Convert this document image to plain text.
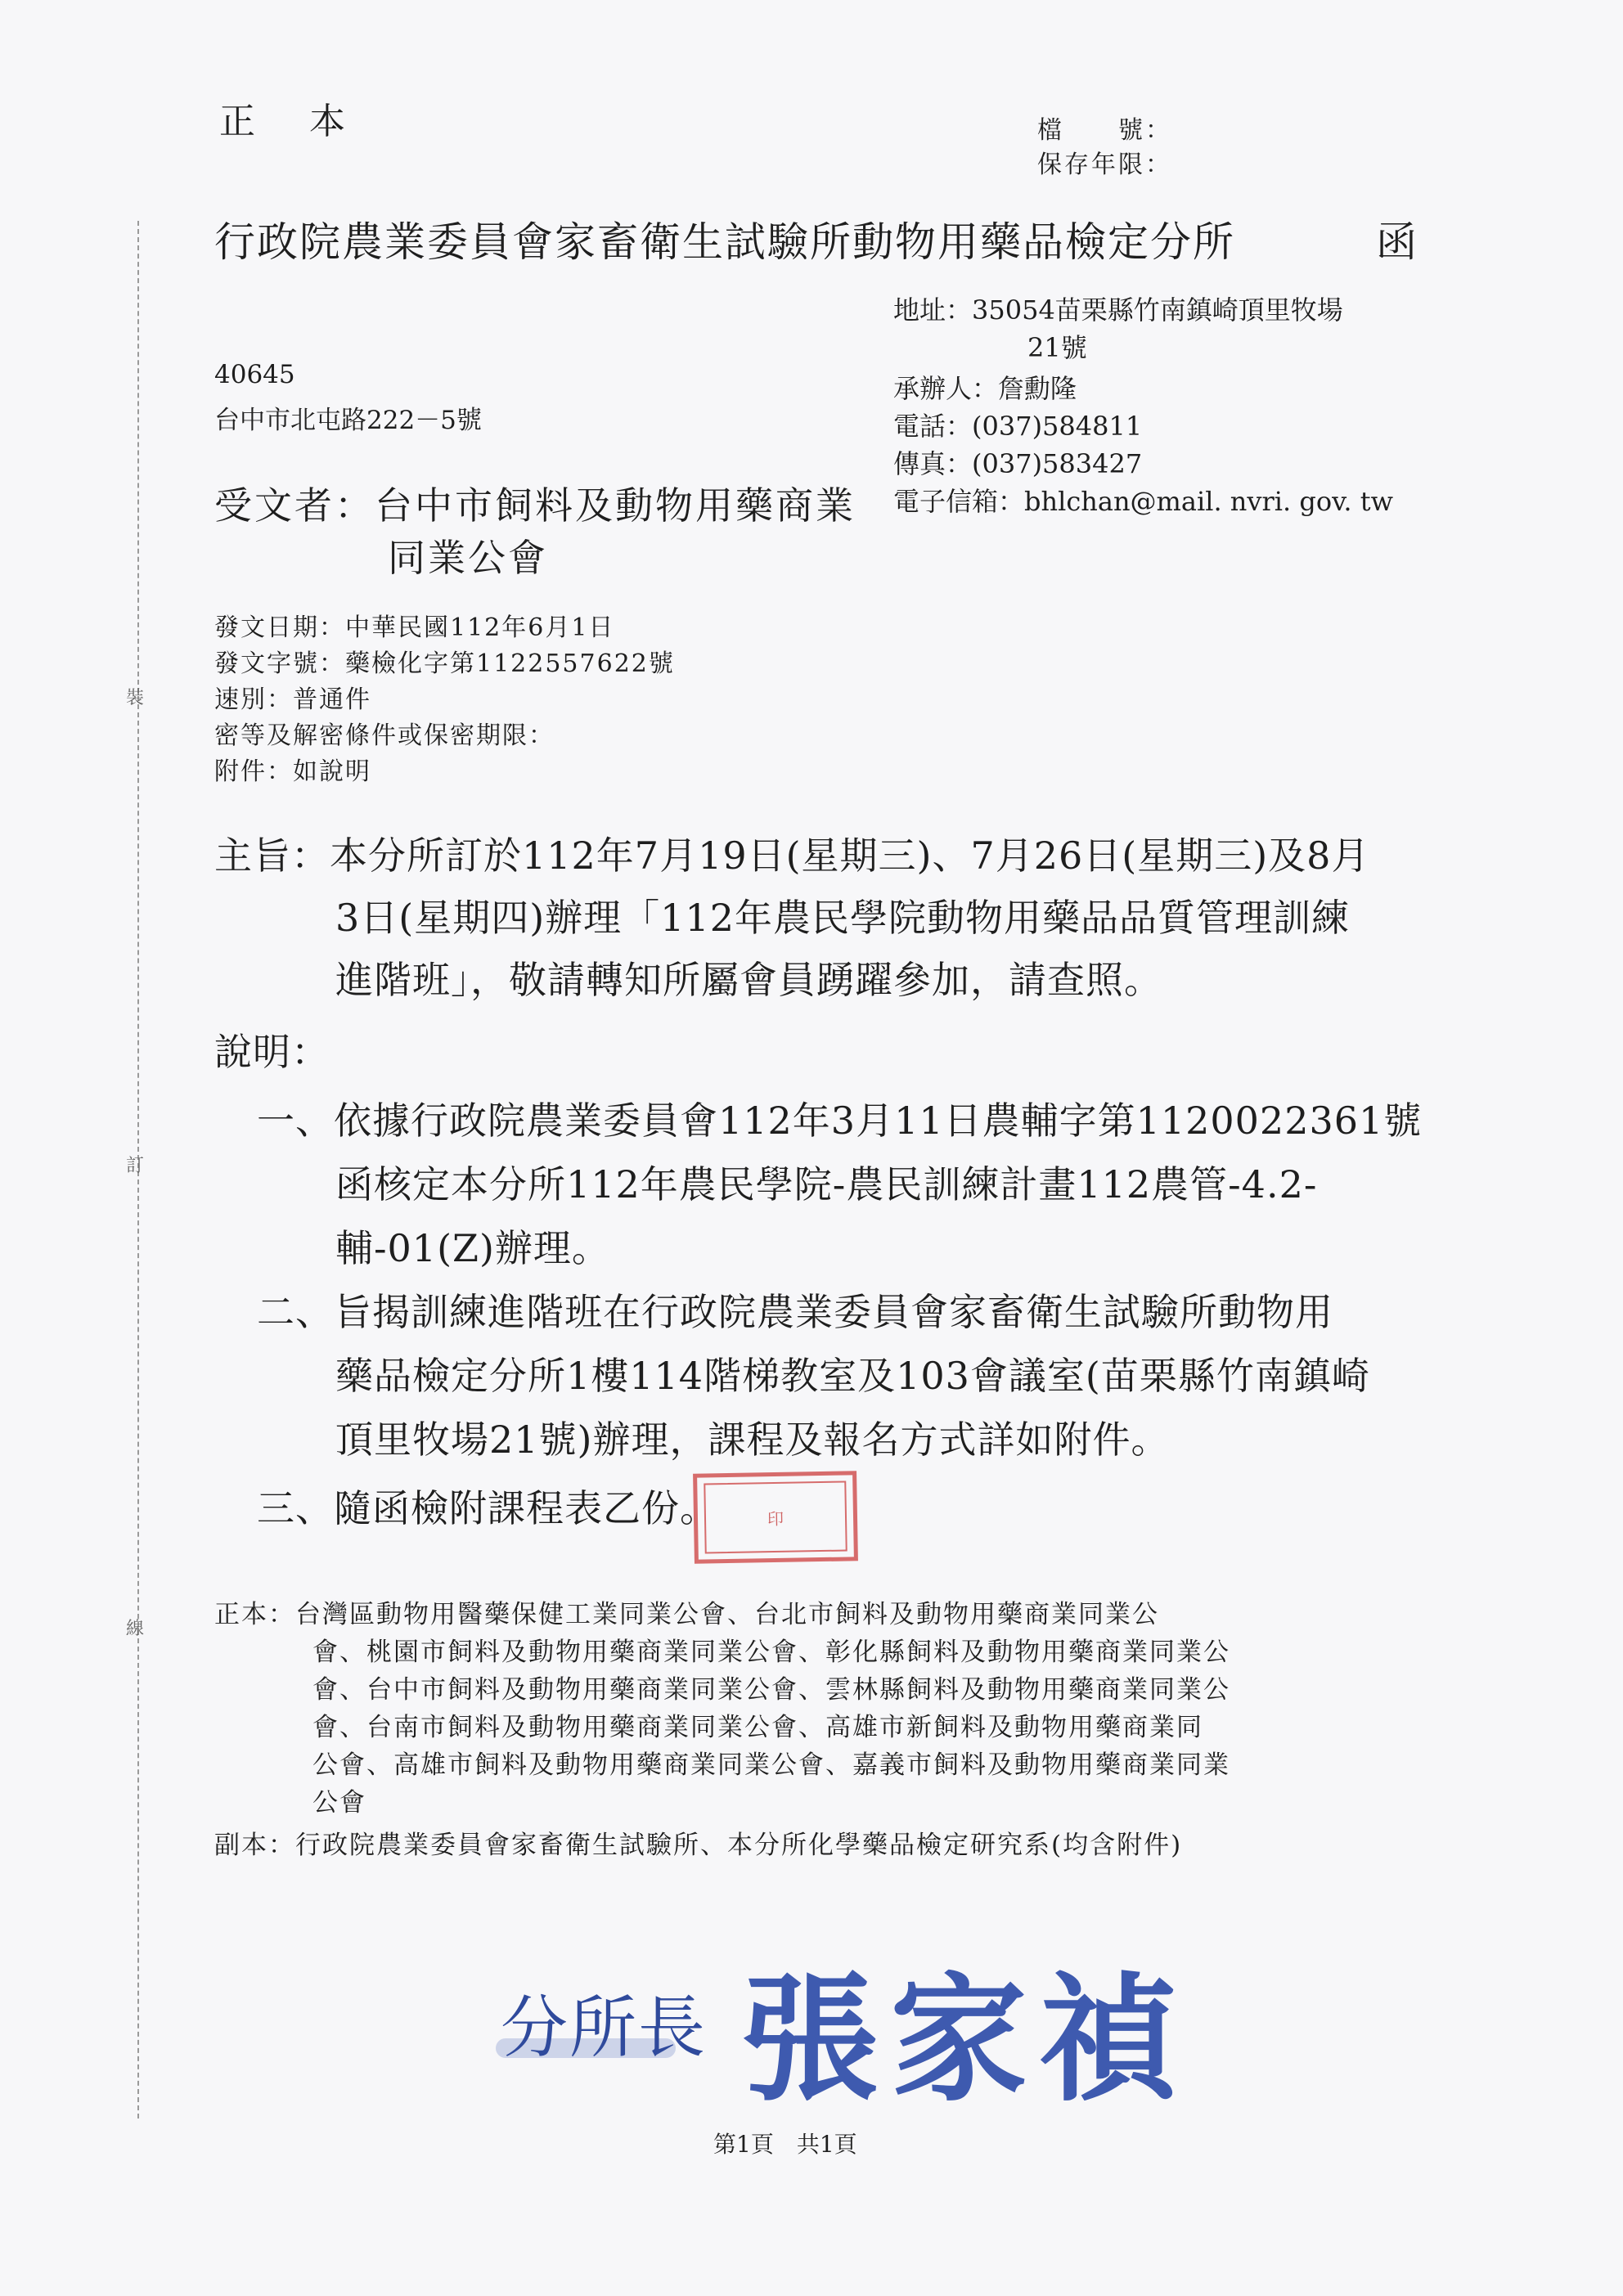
裝
訂
線
正 本	檔　　號：
保存年限：
行政院農業委員會家畜衛生試驗所動物用藥品檢定分所	函
地址：35054苗栗縣竹南鎮崎頂里牧場
21號
承辦人：詹勳隆
電話：(037)584811
傳真：(037)583427
電子信箱：bhlchan@mail. nvri. gov. tw
40645
台中市北屯路222－5號
受文者：台中市飼料及動物用藥商業
同業公會
發文日期：中華民國112年6月1日
發文字號：藥檢化字第1122557622號
速別：普通件
密等及解密條件或保密期限：
附件：如說明
主旨：本分所訂於112年7月19日(星期三)、7月26日(星期三)及8月
3日(星期四)辦理「112年農民學院動物用藥品品質管理訓練
進階班」，敬請轉知所屬會員踴躍參加，請查照。
說明：
一、依據行政院農業委員會112年3月11日農輔字第1120022361號
函核定本分所112年農民學院-農民訓練計畫112農管-4.2-
輔-01(Z)辦理。
二、旨揭訓練進階班在行政院農業委員會家畜衛生試驗所動物用
藥品檢定分所1樓114階梯教室及103會議室(苗栗縣竹南鎮崎
頂里牧場21號)辦理，課程及報名方式詳如附件。
三、隨函檢附課程表乙份。	印
正本：台灣區動物用醫藥保健工業同業公會、台北市飼料及動物用藥商業同業公
會、桃園市飼料及動物用藥商業同業公會、彰化縣飼料及動物用藥商業同業公
會、台中市飼料及動物用藥商業同業公會、雲林縣飼料及動物用藥商業同業公
會、台南市飼料及動物用藥商業同業公會、高雄市新飼料及動物用藥商業同
公會、高雄市飼料及動物用藥商業同業公會、嘉義市飼料及動物用藥商業同業
公會
副本：行政院農業委員會家畜衛生試驗所、本分所化學藥品檢定研究系(均含附件)
分所長 張家禎
第1頁　共1頁
